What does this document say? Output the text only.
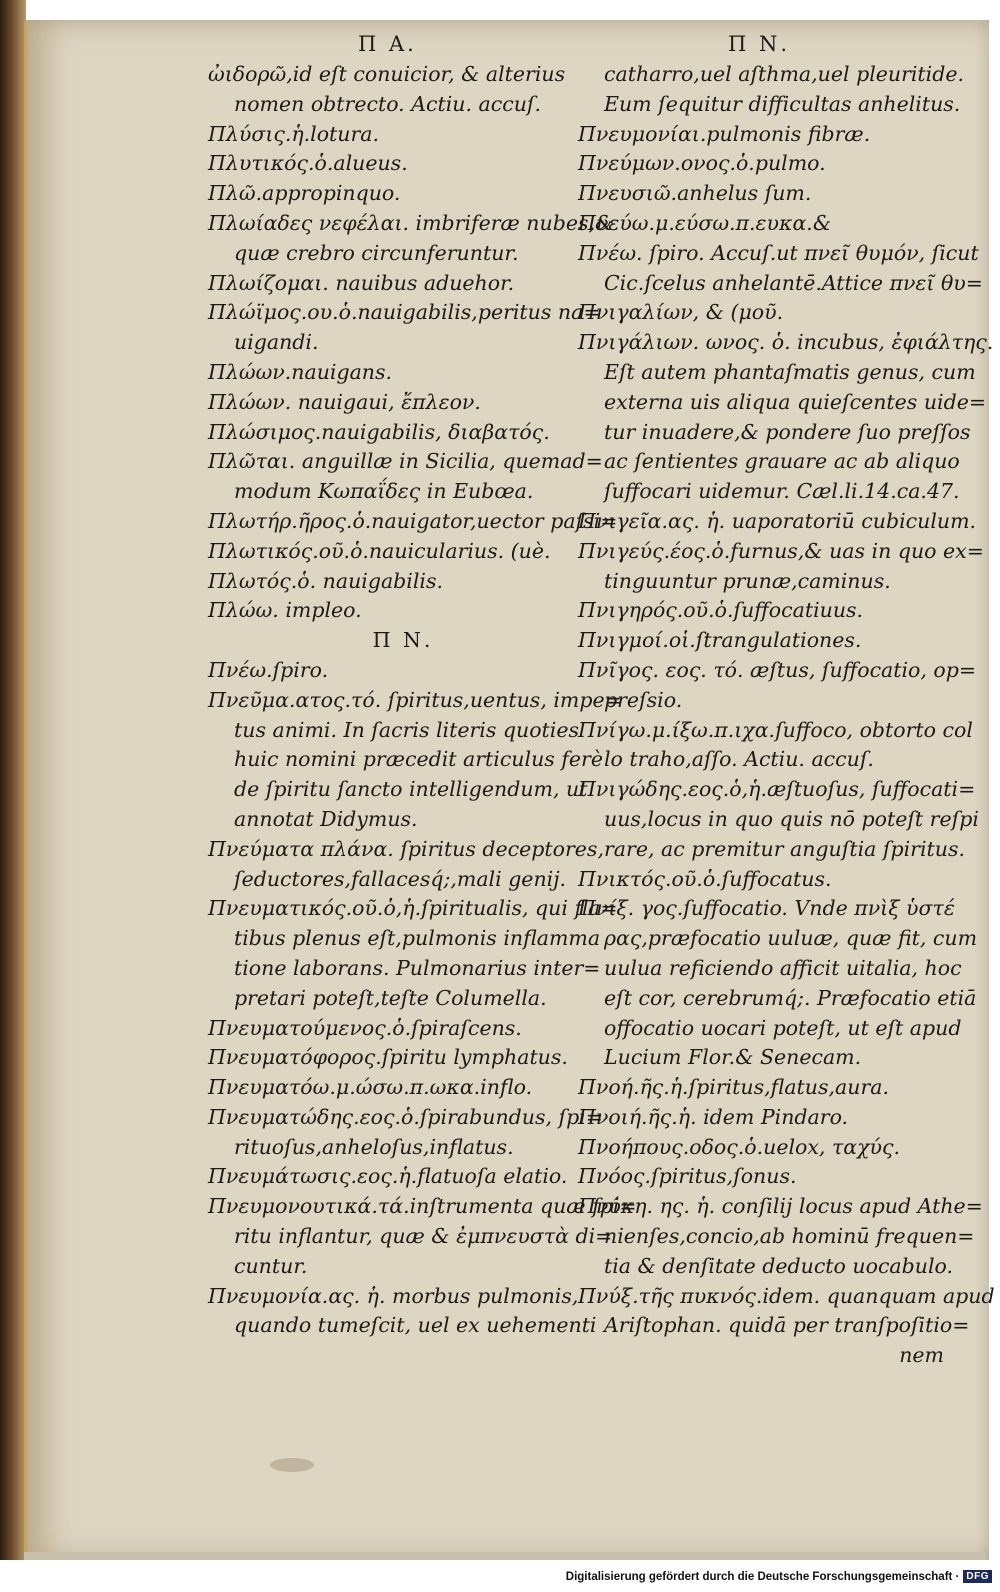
Π Α.
ὠιδορῶ,id eſt conuicior, & alterius
nomen obtrecto. Actiu. accuſ.
Πλύσις.ἡ.lotura.
Πλυτικός.ὁ.alueus.
Πλῶ.appropinquo.
Πλωίαδες νεφέλαι. imbriferæ nubes,&
quæ crebro circunferuntur.
Πλωίζομαι. nauibus aduehor.
Πλώϊμος.ου.ὁ.nauigabilis,peritus na=
uigandi.
Πλώων.nauigans.
Πλώων. nauigaui, ἔπλεον.
Πλώσιμος.nauigabilis, διαβατός.
Πλῶται. anguillæ in Sicilia, quemad=
modum Κωπαΐδες in Eubœa.
Πλωτήρ.ῆρος.ὁ.nauigator,uector paſsi=
Πλωτικός.οῦ.ὁ.nauicularius. (uè.
Πλωτός.ὁ. nauigabilis.
Πλώω. impleo.
Π Ν.
Πνέω.ſpiro.
Πνεῦμα.ατος.τό. ſpiritus,uentus, impe=
tus animi. In ſacris literis quoties
huic nomini præcedit articulus ferè
de ſpiritu ſancto intelligendum, ut
annotat Didymus.
Πνεύματα πλάνα. ſpiritus deceptores,
ſeductores,fallacesq́;,mali genij.
Πνευματικός.οῦ.ὁ,ἡ.ſpiritualis, qui fla=
tibus plenus eſt,pulmonis inflamma
tione laborans. Pulmonarius inter=
pretari poteſt,teſte Columella.
Πνευματούμενος.ὁ.ſpiraſcens.
Πνευματόφορος.ſpiritu lymphatus.
Πνευματόω.μ.ώσω.π.ωκα.inflo.
Πνευματώδης.εος.ὁ.ſpirabundus, ſpi=
rituoſus,anheloſus,inflatus.
Πνευμάτωσις.εος.ἡ.flatuoſa elatio.
Πνευμονουτικά.τά.inſtrumenta quæ ſpi=
ritu inflantur, quæ & ἐμπνευστὰ di=
cuntur.
Πνευμονία.ας. ἡ. morbus pulmonis,
quando tumeſcit, uel ex uehementi
Π Ν.
catharro,uel aſthma,uel pleuritide.
Eum ſequitur difficultas anhelitus.
Πνευμονίαι.pulmonis fibræ.
Πνεύμων.ονος.ὁ.pulmo.
Πνευσιῶ.anhelus ſum.
Πνεύω.μ.εύσω.π.ευκα.&
Πνέω. ſpiro. Accuſ.ut πνεῖ θυμόν, ſicut
Cic.ſcelus anhelantē.Attice πνεῖ θυ=
Πνιγαλίων, & (μοῦ.
Πνιγάλιων. ωνος. ὁ. incubus, ἐφιάλτης.
Eſt autem phantaſmatis genus, cum
externa uis aliqua quieſcentes uide=
tur inuadere,& pondere ſuo preſſos
ac ſentientes grauare ac ab aliquo
ſuffocari uidemur. Cæl.li.14.ca.47.
Πνιγεῖα.ας. ἡ. uaporatoriū cubiculum.
Πνιγεύς.έος.ὁ.furnus,& uas in quo ex=
tinguuntur prunæ,caminus.
Πνιγηρός.οῦ.ὁ.ſuffocatiuus.
Πνιγμοί.οἱ.ſtrangulationes.
Πνῖγος. εος. τό. æſtus, ſuffocatio, op=
preſsio.
Πνίγω.μ.ίξω.π.ιχα.ſuffoco, obtorto col
lo traho,aſſo. Actiu. accuſ.
Πνιγώδης.εος.ὁ,ἡ.æſtuoſus, ſuffocati=
uus,locus in quo quis nō poteſt reſpi
rare, ac premitur anguſtia ſpiritus.
Πνικτός.οῦ.ὁ.ſuffocatus.
Πνίξ. γος.ſuffocatio. Vnde πνὶξ ὑστέ
ρας,præfocatio uuluæ, quæ fit, cum
uulua reficiendo afficit uitalia, hoc
eſt cor, cerebrumq́;. Præfocatio etiā
offocatio uocari poteſt, ut eſt apud
Lucium Flor.& Senecam.
Πνοή.ῆς.ἡ.ſpiritus,flatus,aura.
Πνοιή.ῆς.ἡ. idem Pindaro.
Πνοήπους.οδος.ὁ.uelox, ταχύς.
Πνόος.ſpiritus,ſonus.
Πνύκη. ης. ἡ. conſilij locus apud Athe=
nienſes,concio,ab hominū frequen=
tia & denſitate deducto uocabulo.
Πνύξ.τῆς πυκνός.idem. quanquam apud
Ariſtophan. quidā per tranſpoſitio=
nem
Digitalisierung gefördert durch die Deutsche Forschungsgemeinschaft · DFG
